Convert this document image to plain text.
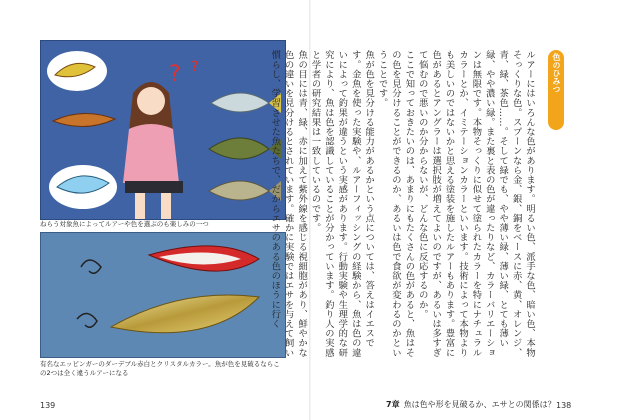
? ?
ねらう対象魚によってルアーや色を選ぶのも楽しみの一つ
有名なエッピンガーのダーデブル赤白とクリスタルカラー。魚が色を見破るならこの2つは全く違うルアーになる
139
色のひみつ

ルアーにはいろんな色があります。明るい色、派手な色、暗い色、本物そっくりな色。スプーンなら金、銀、銅をベースに赤、黄、オレンジ、青、緑、茶色……。そして緑でも、やや薄い緑、薄い緑、とても薄い緑、やや濃い緑。また裏と表の色が違ったりなど、カラーバリエーションは無限です。本物そっくりに似せて塗られたカラーを特にナチュラルカラーとか、イミテーションカラーといいます。技術によって本物よりも美しいのではないかと思える塗装を施したルアーもあります。豊富に色があるとアングラーは選択肢が増えてよいのですが、あるいは多すぎて悩むので悪いのか分からないが、どんな色に反応するのか。

ここで知っておきたいのは、あまりにもたくさんの色があると、魚はその色を見分けることができるのか、あるいは色で食欲が変わるのかということです。

魚が色を見分ける能力があるかという点については、答えはイエスです。金魚を使った実験や、ルアーフィッシングの経験から、魚は色の違いによって釣果が違うという実感があります。行動実験や生理学的な研究により、魚は色を認識していることが分かっています。釣り人の実感と学者の研究結果は一致しているのです。

魚の目には青、緑、赤に加えて紫外線を感じる視細胞があり、鮮やかな色の違いを見分けるとされています。確かに実験ではエサを与えて飼い慣らし、学習させた魚たちで、だからエサのある色のほうに行く

7章 魚は色や形を見破るか、エサとの関係は？ 138
